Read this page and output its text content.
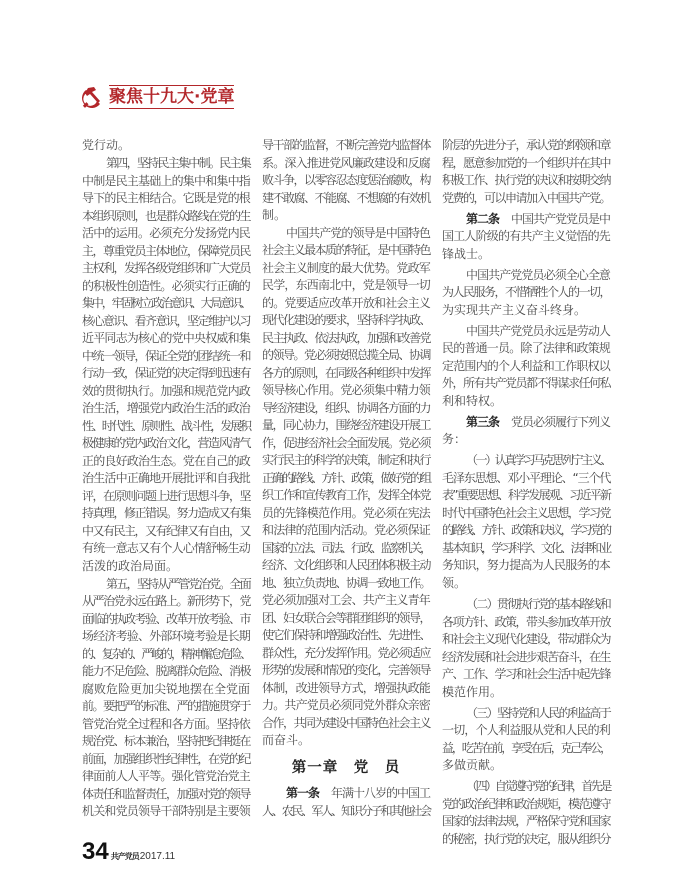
聚焦十九大·党章
党行动。
第四，坚持民主集中制。民主集
中制是民主基础上的集中和集中指
导下的民主相结合。它既是党的根
本组织原则，也是群众路线在党的生
活中的运用。必须充分发扬党内民
主，尊重党员主体地位，保障党员民
主权利，发挥各级党组织和广大党员
的积极性创造性。必须实行正确的
集中，牢固树立政治意识、大局意识、
核心意识、看齐意识，坚定维护以习
近平同志为核心的党中央权威和集
中统一领导，保证全党的团结统一和
行动一致，保证党的决定得到迅速有
效的贯彻执行。加强和规范党内政
治生活，增强党内政治生活的政治
性、时代性、原则性、战斗性，发展积
极健康的党内政治文化，营造风清气
正的良好政治生态。党在自己的政
治生活中正确地开展批评和自我批
评，在原则问题上进行思想斗争，坚
持真理，修正错误。努力造成又有集
中又有民主，又有纪律又有自由，又
有统一意志又有个人心情舒畅生动
活泼的政治局面。
第五，坚持从严管党治党。全面
从严治党永远在路上。新形势下，党
面临的执政考验、改革开放考验、市
场经济考验、外部环境考验是长期
的、复杂的、严峻的，精神懈怠危险、
能力不足危险、脱离群众危险、消极
腐败危险更加尖锐地摆在全党面
前。要把严的标准、严的措施贯穿于
管党治党全过程和各方面。坚持依
规治党、标本兼治，坚持把纪律挺在
前面，加强组织性纪律性，在党的纪
律面前人人平等。强化管党治党主
体责任和监督责任，加强对党的领导
机关和党员领导干部特别是主要领
导干部的监督，不断完善党内监督体
系。深入推进党风廉政建设和反腐
败斗争，以零容忍态度惩治腐败，构
建不敢腐、不能腐、不想腐的有效机
制。
中国共产党的领导是中国特色
社会主义最本质的特征，是中国特色
社会主义制度的最大优势。党政军
民学，东西南北中，党是领导一切
的。党要适应改革开放和社会主义
现代化建设的要求，坚持科学执政、
民主执政、依法执政，加强和改善党
的领导。党必须按照总揽全局、协调
各方的原则，在同级各种组织中发挥
领导核心作用。党必须集中精力领
导经济建设，组织、协调各方面的力
量，同心协力，围绕经济建设开展工
作，促进经济社会全面发展。党必须
实行民主的科学的决策，制定和执行
正确的路线、方针、政策，做好党的组
织工作和宣传教育工作，发挥全体党
员的先锋模范作用。党必须在宪法
和法律的范围内活动。党必须保证
国家的立法、司法、行政、监察机关，
经济、文化组织和人民团体积极主动
地、独立负责地、协调一致地工作。
党必须加强对工会、共产主义青年
团、妇女联合会等群团组织的领导，
使它们保持和增强政治性、先进性、
群众性，充分发挥作用。党必须适应
形势的发展和情况的变化，完善领导
体制，改进领导方式，增强执政能
力。共产党员必须同党外群众亲密
合作，共同为建设中国特色社会主义
而奋斗。
第一章　党　员
第一条 年满十八岁的中国工
人、农民、军人、知识分子和其他社会
阶层的先进分子，承认党的纲领和章
程，愿意参加党的一个组织并在其中
积极工作、执行党的决议和按期交纳
党费的，可以申请加入中国共产党。
第二条 中国共产党党员是中
国工人阶级的有共产主义觉悟的先
锋战士。
中国共产党党员必须全心全意
为人民服务，不惜牺牲个人的一切，
为实现共产主义奋斗终身。
中国共产党党员永远是劳动人
民的普通一员。除了法律和政策规
定范围内的个人利益和工作职权以
外，所有共产党员都不得谋求任何私
利和特权。
第三条 党员必须履行下列义
务：
（一）认真学习马克思列宁主义、
毛泽东思想、邓小平理论、“三个代
表”重要思想、科学发展观、习近平新
时代中国特色社会主义思想，学习党
的路线、方针、政策和决议，学习党的
基本知识，学习科学、文化、法律和业
务知识，努力提高为人民服务的本
领。
（二）贯彻执行党的基本路线和
各项方针、政策，带头参加改革开放
和社会主义现代化建设，带动群众为
经济发展和社会进步艰苦奋斗，在生
产、工作、学习和社会生活中起先锋
模范作用。
（三）坚持党和人民的利益高于
一切，个人利益服从党和人民的利
益，吃苦在前，享受在后，克己奉公，
多做贡献。
（四）自觉遵守党的纪律，首先是
党的政治纪律和政治规矩，模范遵守
国家的法律法规，严格保守党和国家
的秘密，执行党的决定，服从组织分
34 共产党员 2017.11
